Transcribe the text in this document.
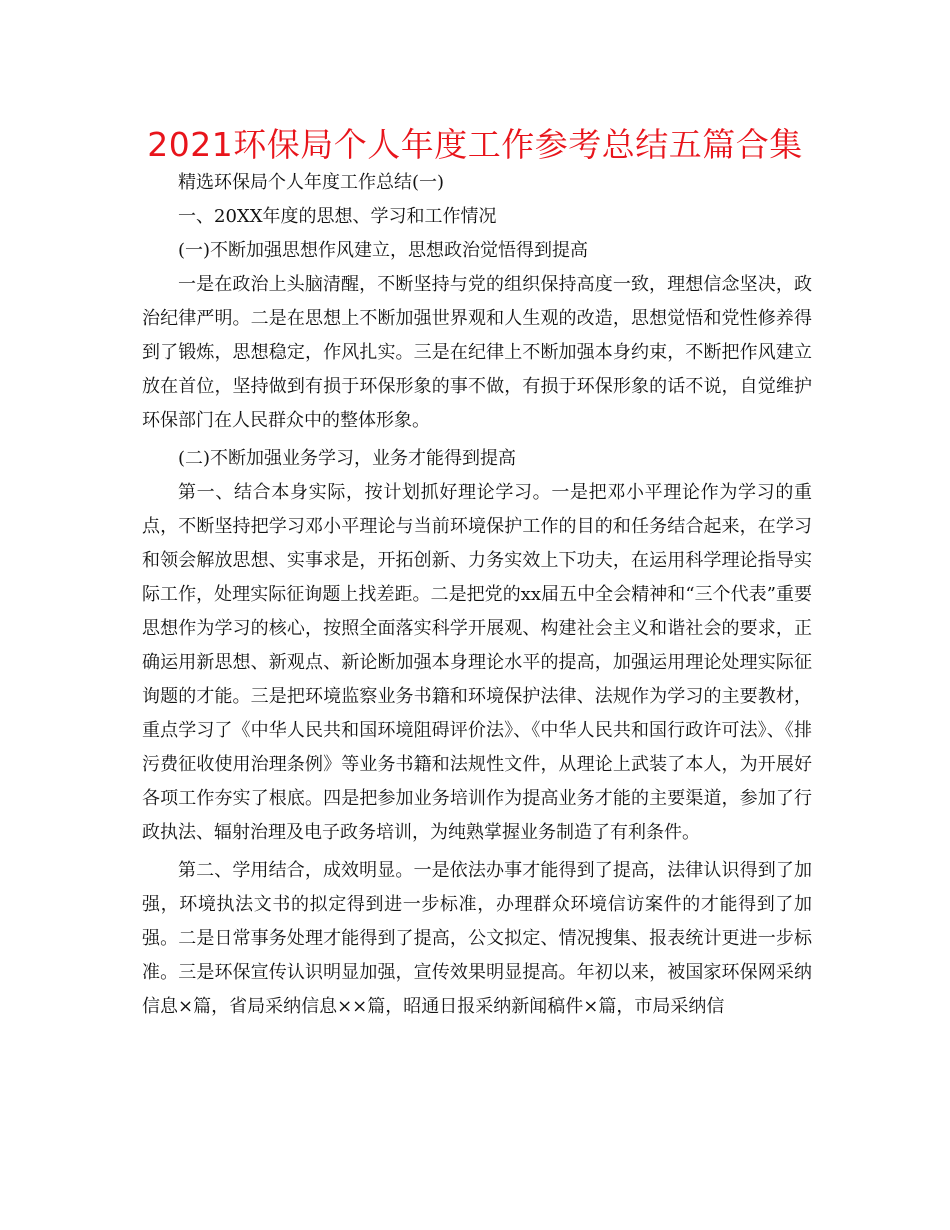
2021环保局个人年度工作参考总结五篇合集

精选环保局个人年度工作总结(一)

一、20XX年度的思想、学习和工作情况

(一)不断加强思想作风建立，思想政治觉悟得到提高

一是在政治上头脑清醒，不断坚持与党的组织保持高度一致，理想信念坚决，政治纪律严明。二是在思想上不断加强世界观和人生观的改造，思想觉悟和党性修养得到了锻炼，思想稳定，作风扎实。三是在纪律上不断加强本身约束，不断把作风建立放在首位，坚持做到有损于环保形象的事不做，有损于环保形象的话不说，自觉维护环保部门在人民群众中的整体形象。

(二)不断加强业务学习，业务才能得到提高

第一、结合本身实际，按计划抓好理论学习。一是把邓小平理论作为学习的重点，不断坚持把学习邓小平理论与当前环境保护工作的目的和任务结合起来，在学习和领会解放思想、实事求是，开拓创新、力务实效上下功夫，在运用科学理论指导实际工作，处理实际征询题上找差距。二是把党的xx届五中全会精神和“三个代表”重要思想作为学习的核心，按照全面落实科学开展观、构建社会主义和谐社会的要求，正确运用新思想、新观点、新论断加强本身理论水平的提高，加强运用理论处理实际征询题的才能。三是把环境监察业务书籍和环境保护法律、法规作为学习的主要教材，重点学习了《中华人民共和国环境阻碍评价法》、《中华人民共和国行政许可法》、《排污费征收使用治理条例》等业务书籍和法规性文件，从理论上武装了本人，为开展好各项工作夯实了根底。四是把参加业务培训作为提高业务才能的主要渠道，参加了行政执法、辐射治理及电子政务培训，为纯熟掌握业务制造了有利条件。

第二、学用结合，成效明显。一是依法办事才能得到了提高，法律认识得到了加强，环境执法文书的拟定得到进一步标准，办理群众环境信访案件的才能得到了加强。二是日常事务处理才能得到了提高，公文拟定、情况搜集、报表统计更进一步标准。三是环保宣传认识明显加强，宣传效果明显提高。年初以来，被国家环保网采纳信息×篇，省局采纳信息××篇，昭通日报采纳新闻稿件×篇，市局采纳信
